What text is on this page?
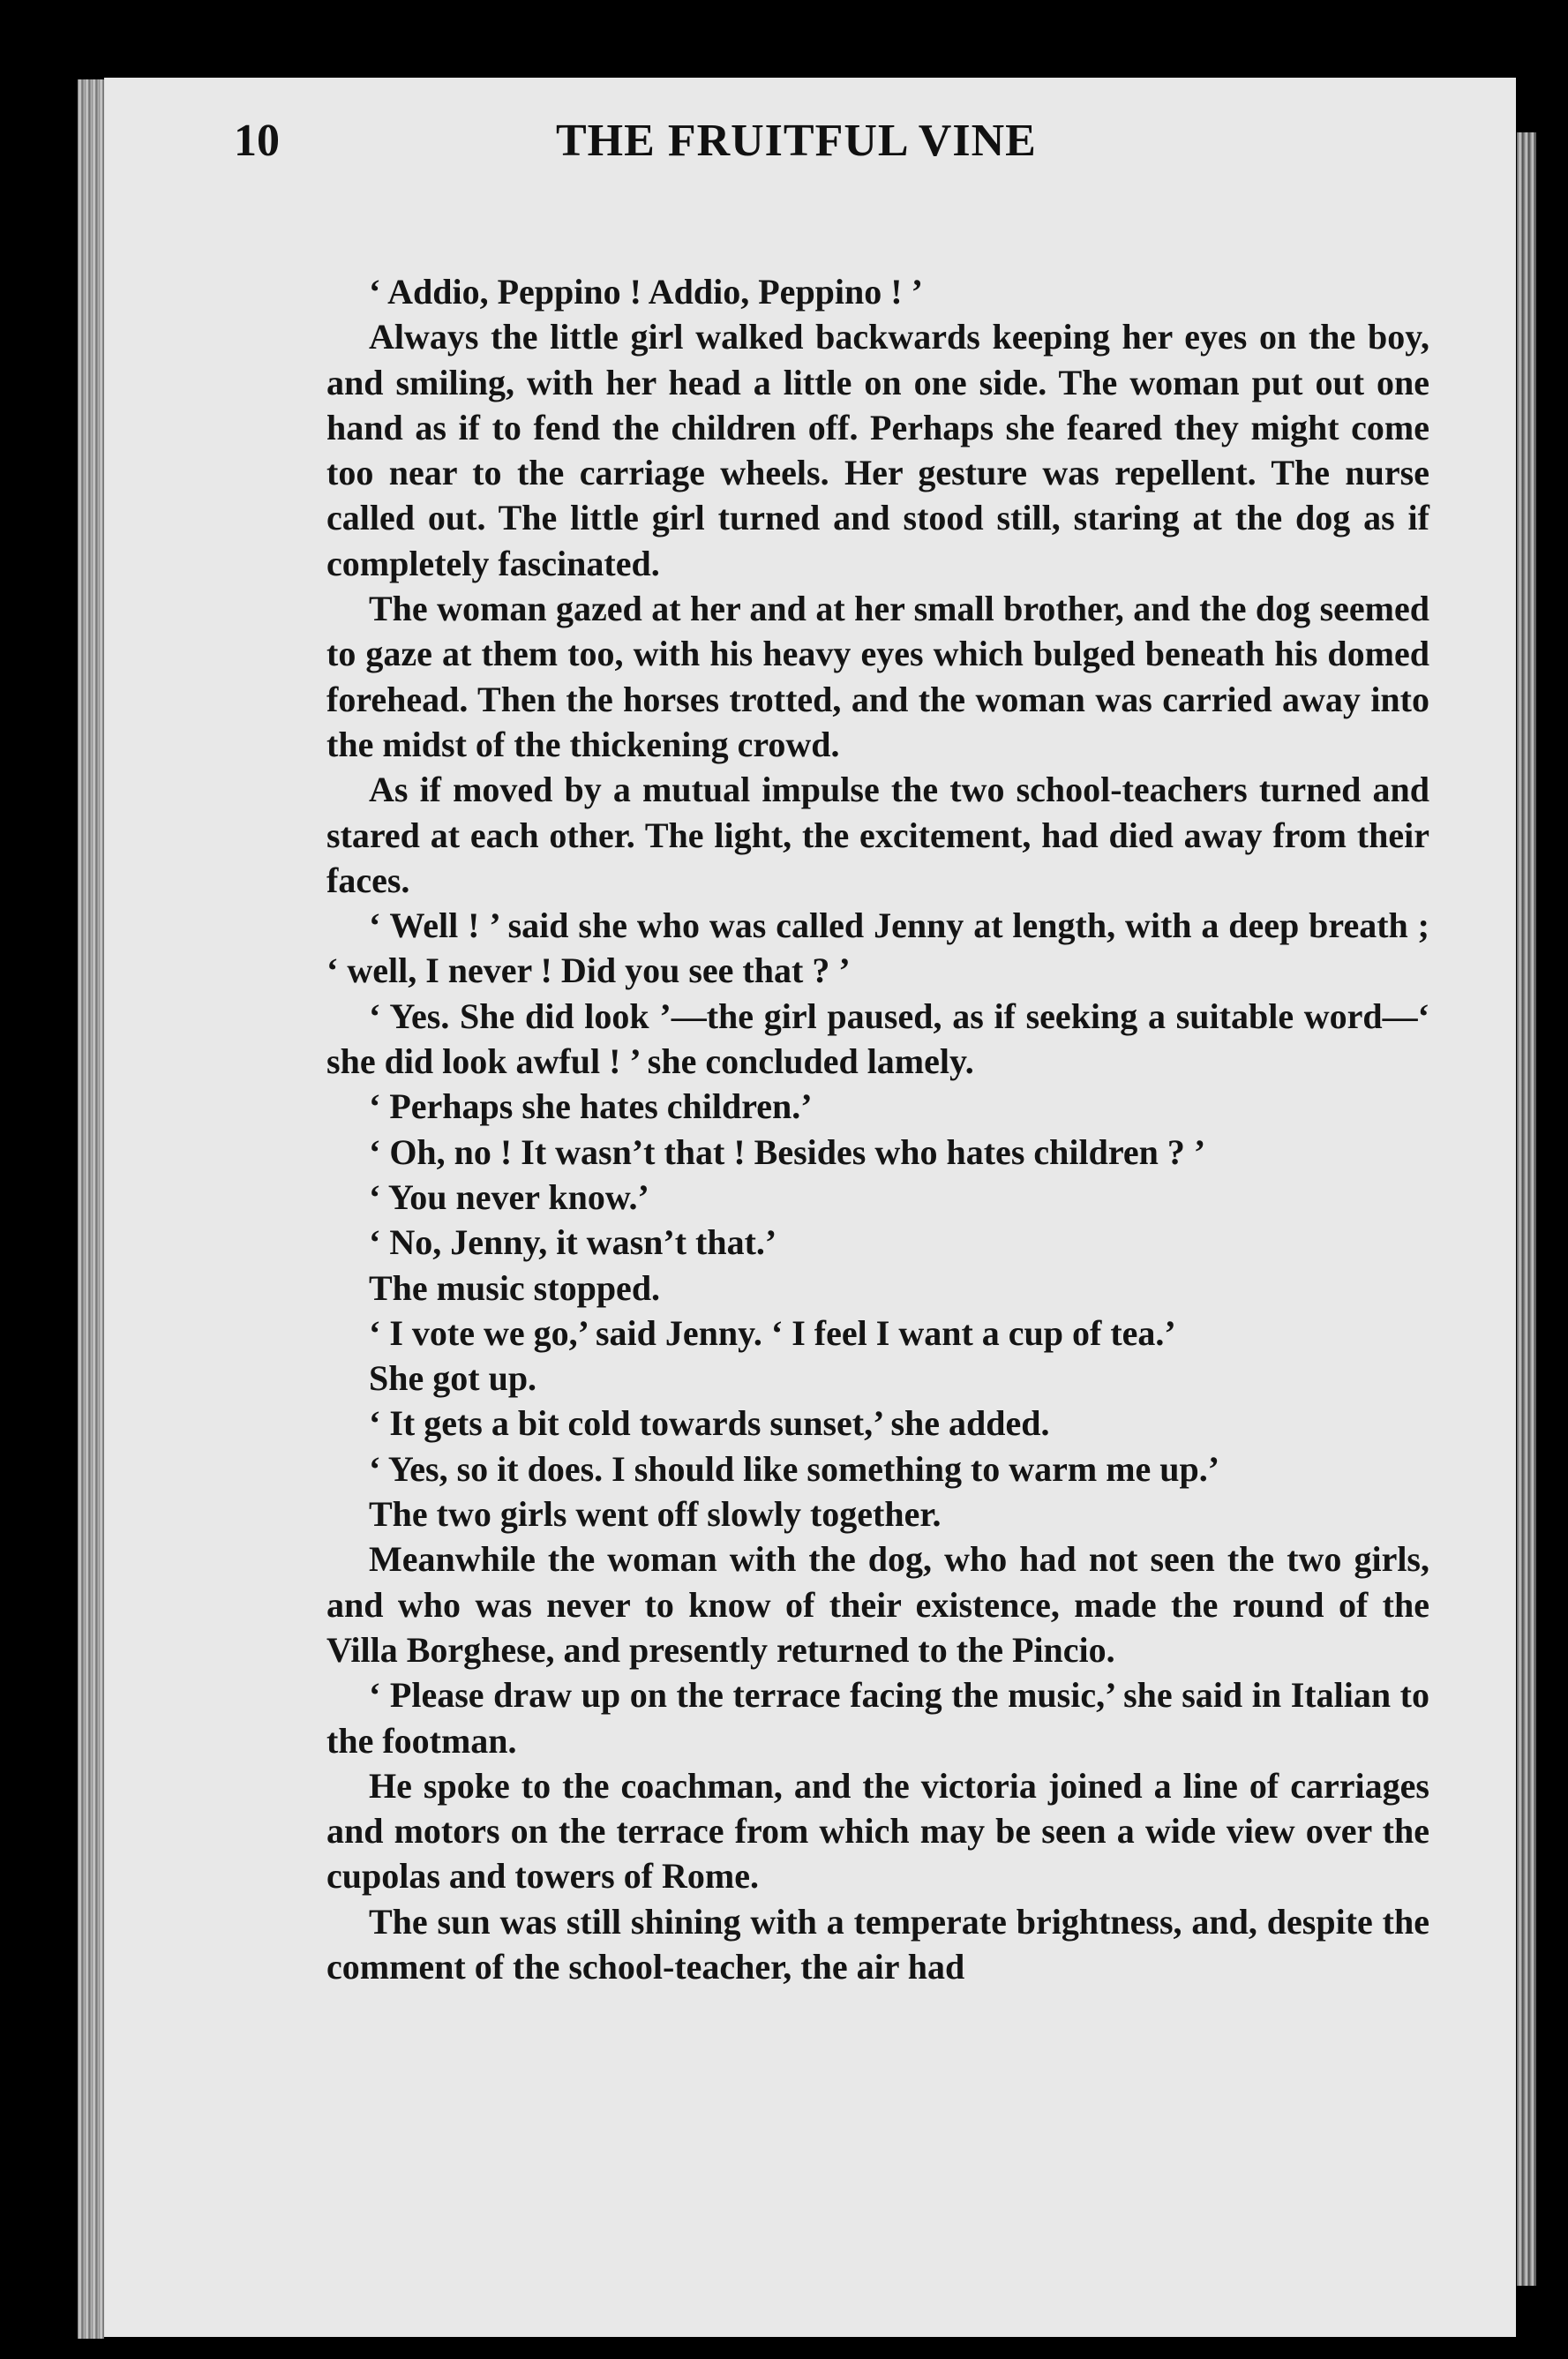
10	THE FRUITFUL VINE

‘ Addio, Peppino ! Addio, Peppino ! ’

Always the little girl walked backwards keeping her eyes on the boy, and smiling, with her head a little on one side. The woman put out one hand as if to fend the children off. Perhaps she feared they might come too near to the carriage wheels. Her gesture was repellent. The nurse called out. The little girl turned and stood still, staring at the dog as if completely fascinated.

The woman gazed at her and at her small brother, and the dog seemed to gaze at them too, with his heavy eyes which bulged beneath his domed forehead. Then the horses trotted, and the woman was carried away into the midst of the thickening crowd.

As if moved by a mutual impulse the two school-teachers turned and stared at each other. The light, the excitement, had died away from their faces.

‘ Well ! ’ said she who was called Jenny at length, with a deep breath ; ‘ well, I never ! Did you see that ? ’

‘ Yes. She did look ’—the girl paused, as if seeking a suitable word—‘ she did look awful ! ’ she concluded lamely.

‘ Perhaps she hates children.’

‘ Oh, no ! It wasn’t that ! Besides who hates children ? ’

‘ You never know.’

‘ No, Jenny, it wasn’t that.’

The music stopped.

‘ I vote we go,’ said Jenny. ‘ I feel I want a cup of tea.’

She got up.

‘ It gets a bit cold towards sunset,’ she added.

‘ Yes, so it does. I should like something to warm me up.’

The two girls went off slowly together.

Meanwhile the woman with the dog, who had not seen the two girls, and who was never to know of their existence, made the round of the Villa Borghese, and presently returned to the Pincio.

‘ Please draw up on the terrace facing the music,’ she said in Italian to the footman.

He spoke to the coachman, and the victoria joined a line of carriages and motors on the terrace from which may be seen a wide view over the cupolas and towers of Rome.

The sun was still shining with a temperate brightness, and, despite the comment of the school-teacher, the air had
